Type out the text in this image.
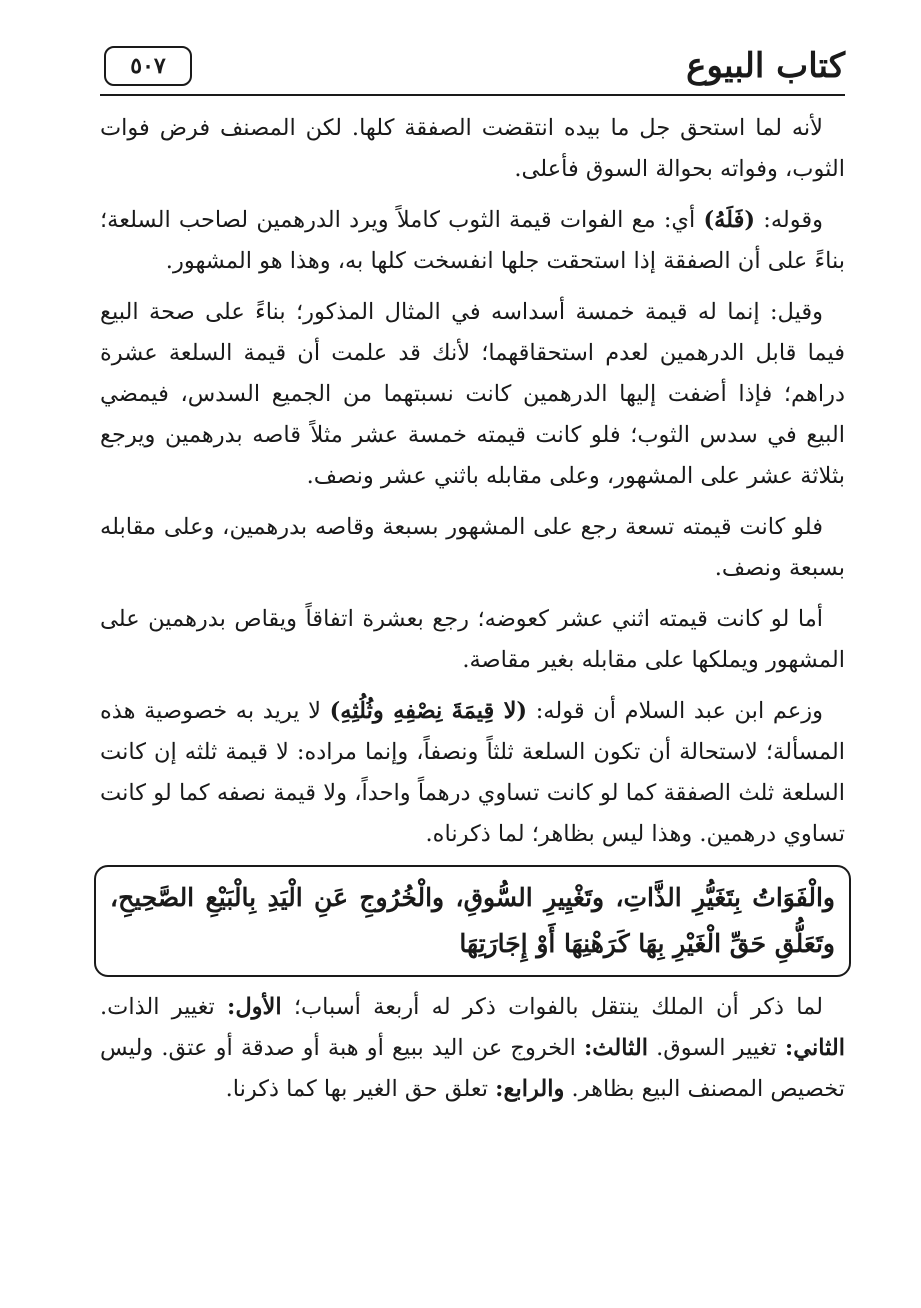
كتاب البيوع
٥٠٧

لأنه لما استحق جل ما بيده انتقضت الصفقة كلها. لكن المصنف فرض فوات الثوب، وفواته بحوالة السوق فأعلى.

وقوله: (فَلَهُ) أي: مع الفوات قيمة الثوب كاملاً ويرد الدرهمين لصاحب السلعة؛ بناءً على أن الصفقة إذا استحقت جلها انفسخت كلها به، وهذا هو المشهور.

وقيل: إنما له قيمة خمسة أسداسه في المثال المذكور؛ بناءً على صحة البيع فيما قابل الدرهمين لعدم استحقاقهما؛ لأنك قد علمت أن قيمة السلعة عشرة دراهم؛ فإذا أضفت إليها الدرهمين كانت نسبتهما من الجميع السدس، فيمضي البيع في سدس الثوب؛ فلو كانت قيمته خمسة عشر مثلاً قاصه بدرهمين ويرجع بثلاثة عشر على المشهور، وعلى مقابله باثني عشر ونصف.

فلو كانت قيمته تسعة رجع على المشهور بسبعة وقاصه بدرهمين، وعلى مقابله بسبعة ونصف.

أما لو كانت قيمته اثني عشر كعوضه؛ رجع بعشرة اتفاقاً ويقاص بدرهمين على المشهور ويملكها على مقابله بغير مقاصة.

وزعم ابن عبد السلام أن قوله: (لا قِيمَةَ نِصْفِهِ وثُلُثِهِ) لا يريد به خصوصية هذه المسألة؛ لاستحالة أن تكون السلعة ثلثاً ونصفاً، وإنما مراده: لا قيمة ثلثه إن كانت السلعة ثلث الصفقة كما لو كانت تساوي درهماً واحداً، ولا قيمة نصفه كما لو كانت تساوي درهمين. وهذا ليس بظاهر؛ لما ذكرناه.

والْفَوَاتُ بِتَغَيُّرِ الذَّاتِ، وتَغْيِيرِ السُّوقِ، والْخُرُوجِ عَنِ الْيَدِ بِالْبَيْعِ الصَّحِيحِ، وتَعَلُّقِ حَقِّ الْغَيْرِ بِهَا كَرَهْنِهَا أَوْ إِجَارَتِهَا

لما ذكر أن الملك ينتقل بالفوات ذكر له أربعة أسباب؛ الأول: تغيير الذات. الثاني: تغيير السوق. الثالث: الخروج عن اليد ببيع أو هبة أو صدقة أو عتق. وليس تخصيص المصنف البيع بظاهر. والرابع: تعلق حق الغير بها كما ذكرنا.
